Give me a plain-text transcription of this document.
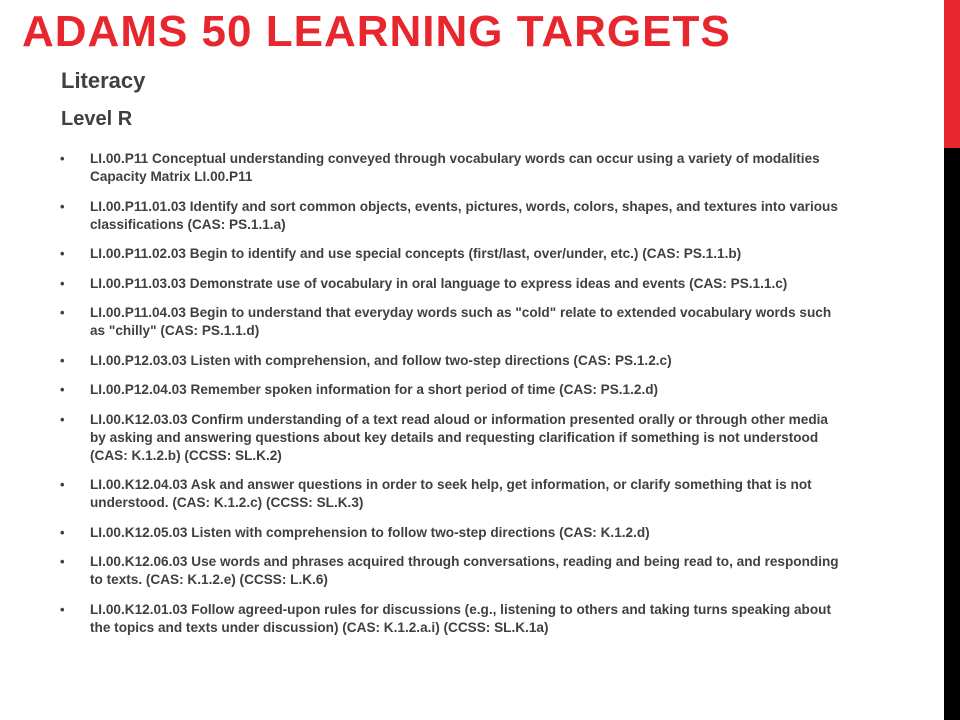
ADAMS 50 LEARNING TARGETS
Literacy
Level R
• LI.00.P11 Conceptual understanding conveyed through vocabulary words can occur using a variety of modalities Capacity Matrix LI.00.P11
• LI.00.P11.01.03 Identify and sort common objects, events, pictures, words, colors, shapes, and textures into various classifications (CAS: PS.1.1.a)
• LI.00.P11.02.03 Begin to identify and use special concepts (first/last, over/under, etc.) (CAS: PS.1.1.b)
• LI.00.P11.03.03 Demonstrate use of vocabulary in oral language to express ideas and events (CAS: PS.1.1.c)
• LI.00.P11.04.03 Begin to understand that everyday words such as "cold" relate to extended vocabulary words such as "chilly" (CAS: PS.1.1.d)
• LI.00.P12.03.03 Listen with comprehension, and follow two-step directions (CAS: PS.1.2.c)
• LI.00.P12.04.03 Remember spoken information for a short period of time (CAS: PS.1.2.d)
• LI.00.K12.03.03 Confirm understanding of a text read aloud or information presented orally or through other media by asking and answering questions about key details and requesting clarification if something is not understood (CAS: K.1.2.b) (CCSS: SL.K.2)
• LI.00.K12.04.03 Ask and answer questions in order to seek help, get information, or clarify something that is not understood. (CAS: K.1.2.c) (CCSS: SL.K.3)
• LI.00.K12.05.03 Listen with comprehension to follow two-step directions (CAS: K.1.2.d)
• LI.00.K12.06.03 Use words and phrases acquired through conversations, reading and being read to, and responding to texts. (CAS: K.1.2.e) (CCSS: L.K.6)
• LI.00.K12.01.03 Follow agreed-upon rules for discussions (e.g., listening to others and taking turns speaking about the topics and texts under discussion) (CAS: K.1.2.a.i) (CCSS: SL.K.1a)
